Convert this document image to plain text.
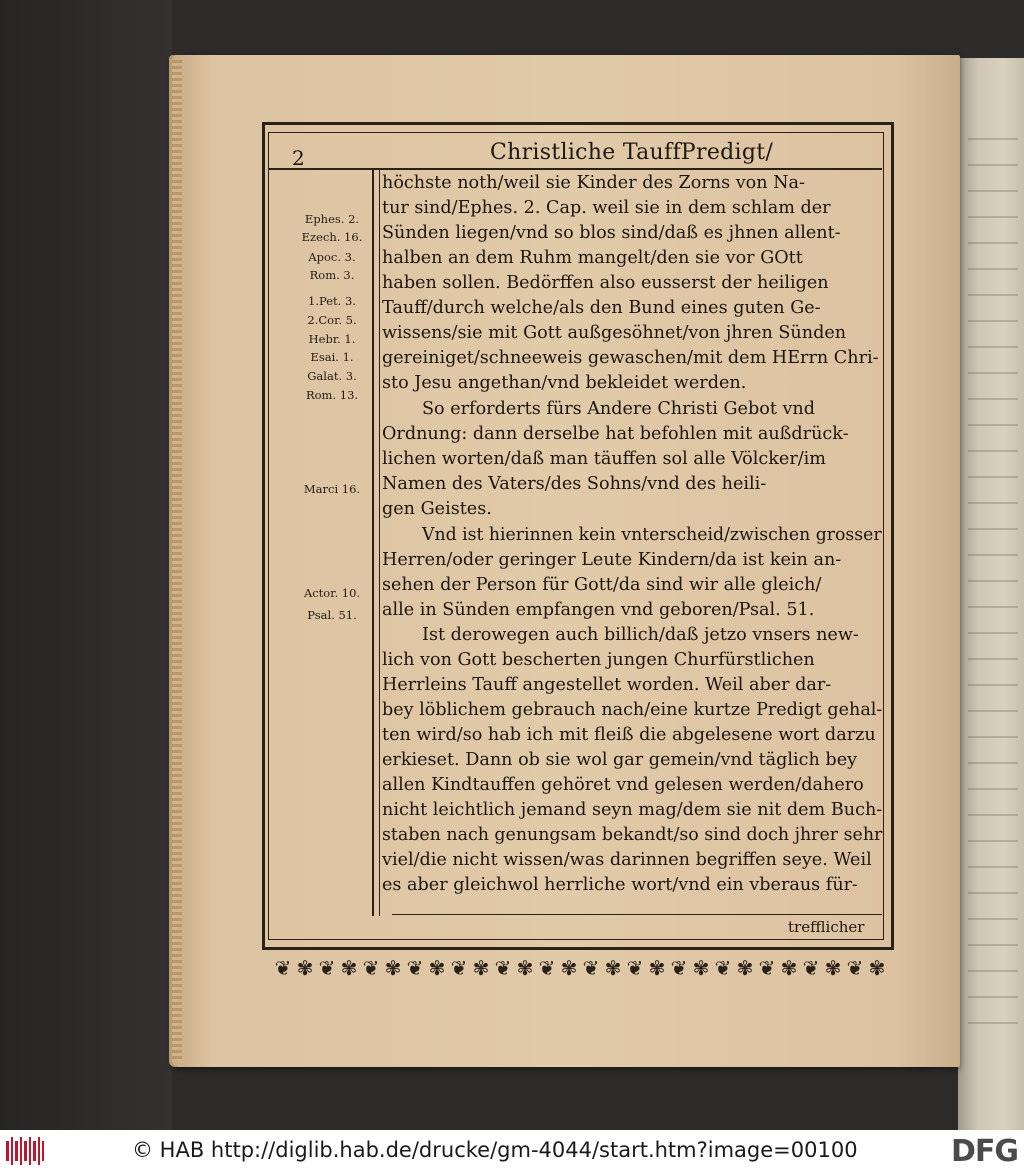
2	Christliche TauffPredigt/
Ephes. 2.
Ezech. 16.
Apoc. 3.
Rom. 3.
1.Pet. 3.
2.Cor. 5.
Hebr. 1.
Esai. 1.
Galat. 3.
Rom. 13.
Marci 16.
Actor. 10.
Psal. 51.
höchste noth/weil sie Kinder des Zorns von Na-
tur sind/Ephes. 2. Cap. weil sie in dem schlam der
Sünden liegen/vnd so blos sind/daß es jhnen allent-
halben an dem Ruhm mangelt/den sie vor GOtt
haben sollen. Bedörffen also eusserst der heiligen
Tauff/durch welche/als den Bund eines guten Ge-
wissens/sie mit Gott außgesöhnet/von jhren Sünden
gereiniget/schneeweis gewaschen/mit dem HErrn Chri-
sto Jesu angethan/vnd bekleidet werden.
So erforderts fürs Andere Christi Gebot vnd
Ordnung: dann derselbe hat befohlen mit außdrück-
lichen worten/daß man täuffen sol alle Völcker/im
Namen des Vaters/des Sohns/vnd des heili-
gen Geistes.
Vnd ist hierinnen kein vnterscheid/zwischen grosser
Herren/oder geringer Leute Kindern/da ist kein an-
sehen der Person für Gott/da sind wir alle gleich/
alle in Sünden empfangen vnd geboren/Psal. 51.
Ist derowegen auch billich/daß jetzo vnsers new-
lich von Gott bescherten jungen Churfürstlichen
Herrleins Tauff angestellet worden. Weil aber dar-
bey löblichem gebrauch nach/eine kurtze Predigt gehal-
ten wird/so hab ich mit fleiß die abgelesene wort darzu
erkieset. Dann ob sie wol gar gemein/vnd täglich bey
allen Kindtauffen gehöret vnd gelesen werden/dahero
nicht leichtlich jemand seyn mag/dem sie nit dem Buch-
staben nach genungsam bekandt/so sind doch jhrer sehr
viel/die nicht wissen/was darinnen begriffen seye. Weil
es aber gleichwol herrliche wort/vnd ein vberaus für-
trefflicher
❦ ✾ ❦ ✾ ❦ ✾ ❦ ✾ ❦ ✾ ❦ ✾ ❦ ✾ ❦ ✾ ❦ ✾ ❦ ✾ ❦ ✾ ❦ ✾ ❦ ✾ ❦ ✾
© HAB http://diglib.hab.de/drucke/gm-4044/start.htm?image=00100	DFG
